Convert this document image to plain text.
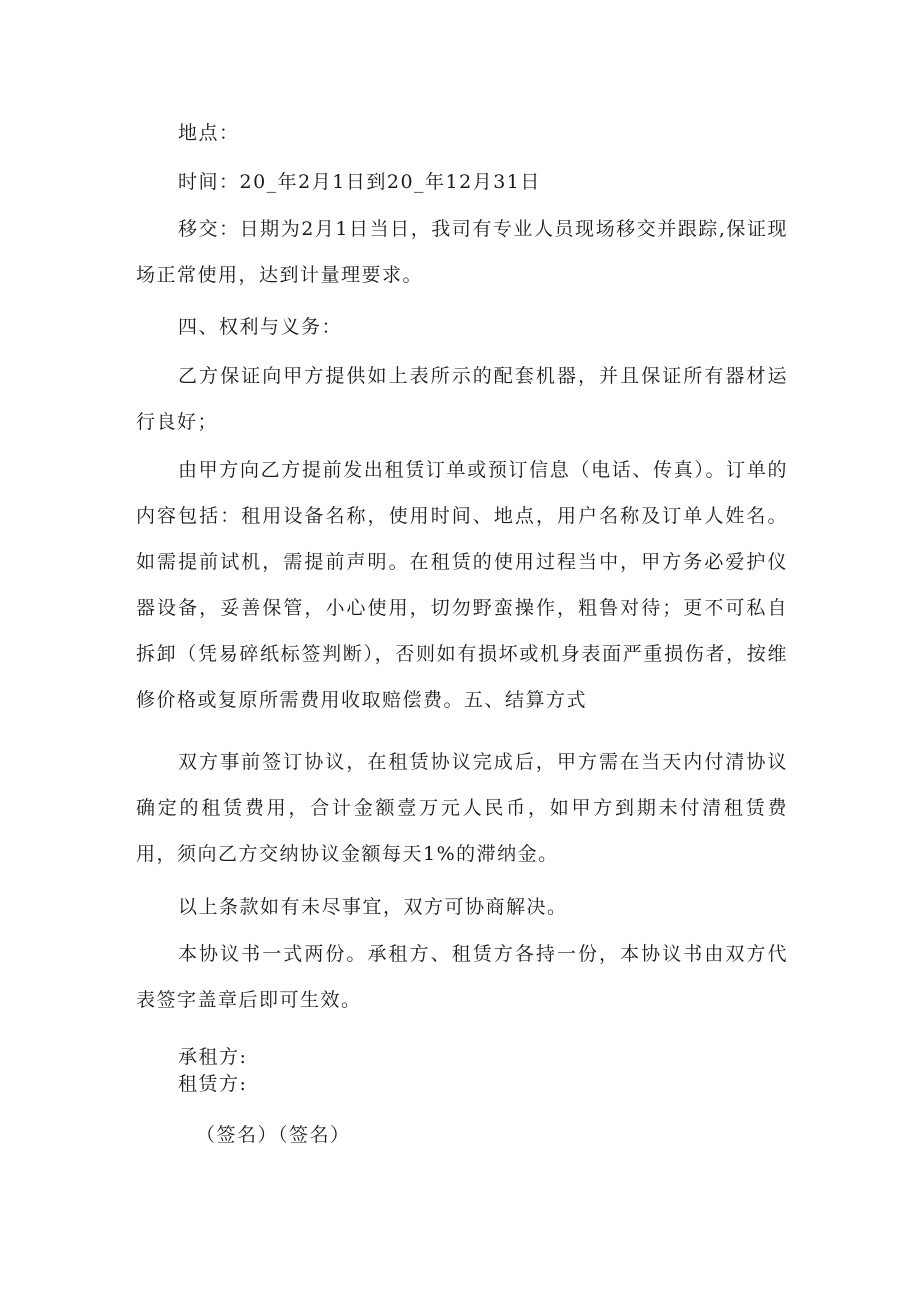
地点：

时间：20_年2月1日到20_年12月31日

移交：日期为2月1日当日，我司有专业人员现场移交并跟踪,保证现场正常使用，达到计量理要求。

四、权利与义务：

乙方保证向甲方提供如上表所示的配套机器，并且保证所有器材运行良好；

由甲方向乙方提前发出租赁订单或预订信息（电话、传真）。订单的内容包括：租用设备名称，使用时间、地点，用户名称及订单人姓名。如需提前试机，需提前声明。在租赁的使用过程当中，甲方务必爱护仪器设备，妥善保管，小心使用，切勿野蛮操作，粗鲁对待；更不可私自拆卸（凭易碎纸标签判断），否则如有损坏或机身表面严重损伤者，按维修价格或复原所需费用收取赔偿费。五、结算方式

双方事前签订协议，在租赁协议完成后，甲方需在当天内付清协议确定的租赁费用，合计金额壹万元人民币，如甲方到期未付清租赁费用，须向乙方交纳协议金额每天1%的滞纳金。

以上条款如有未尽事宜，双方可协商解决。

本协议书一式两份。承租方、租赁方各持一份，本协议书由双方代表签字盖章后即可生效。

承租方:

租赁方:

（签名）（签名）
